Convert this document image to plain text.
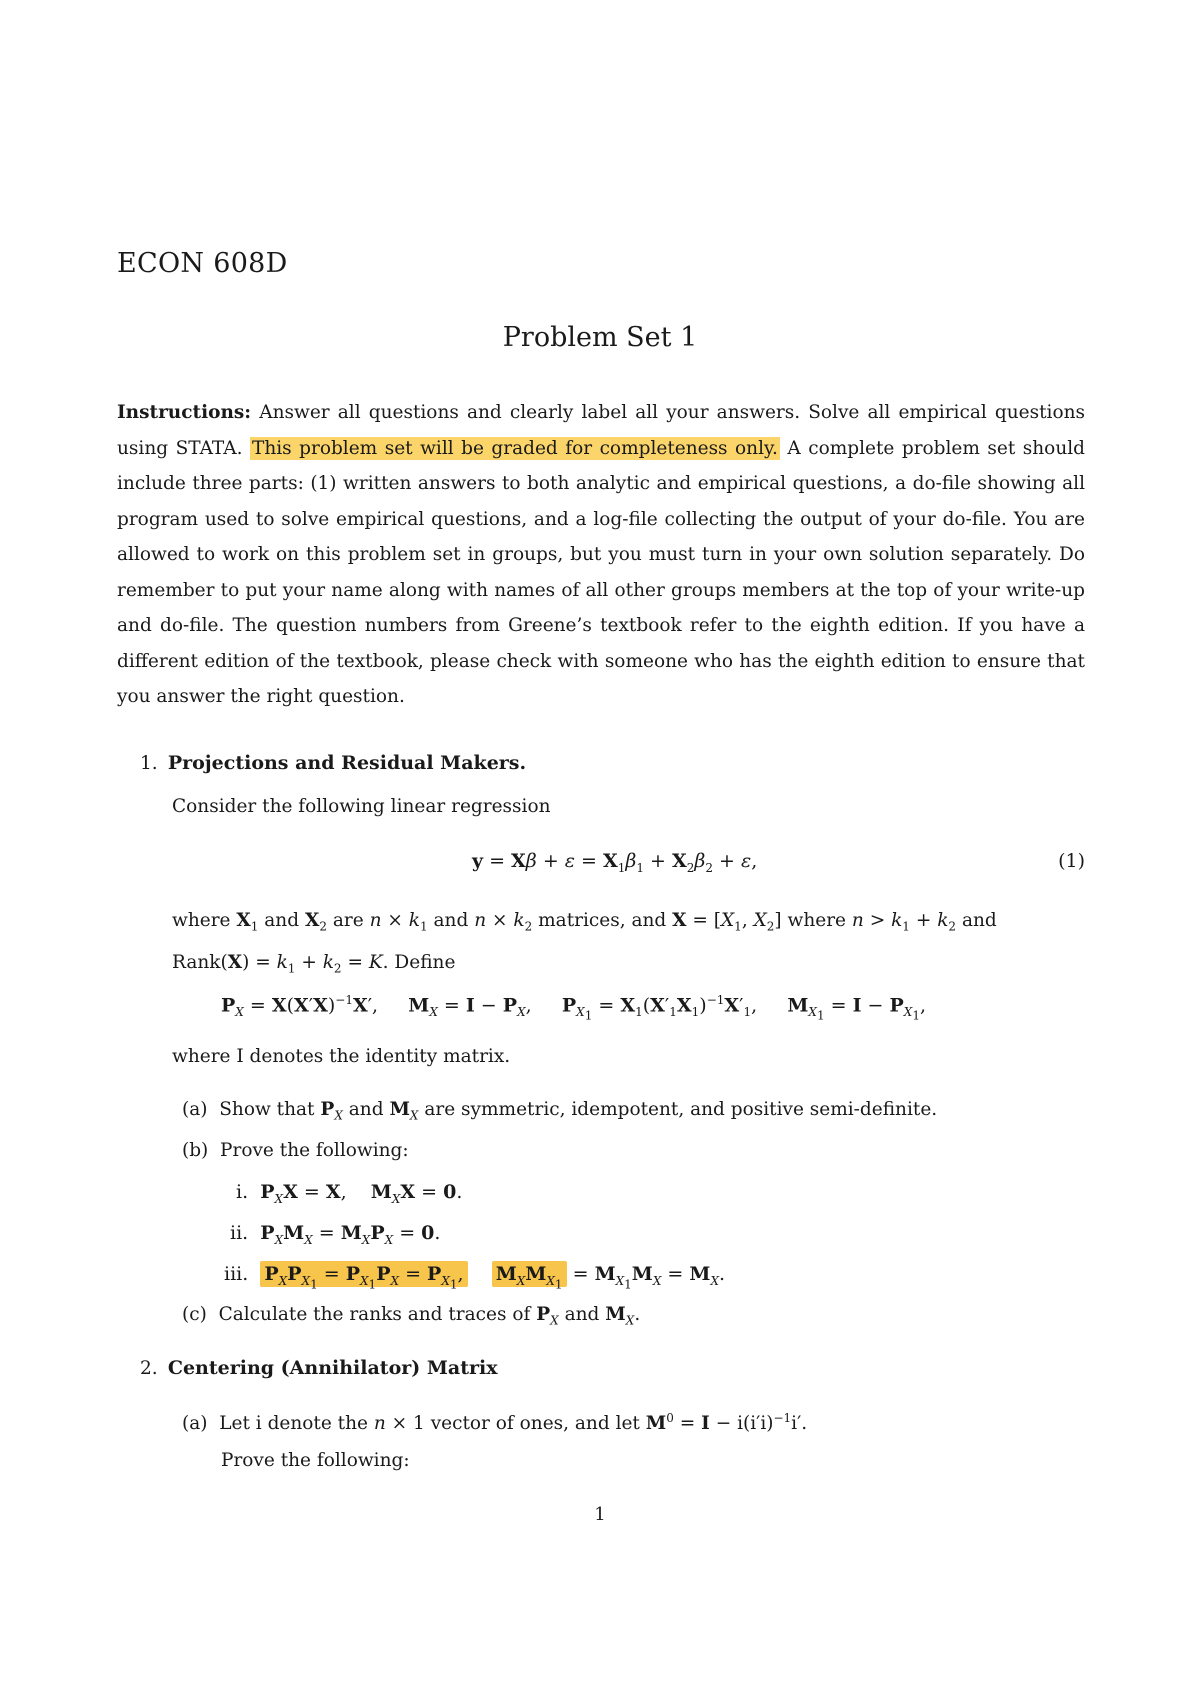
ECON 608D
Problem Set 1
Instructions: Answer all questions and clearly label all your answers. Solve all empirical questions using STATA. This problem set will be graded for completeness only. A complete problem set should include three parts: (1) written answers to both analytic and empirical questions, a do-file showing all program used to solve empirical questions, and a log-file collecting the output of your do-file. You are allowed to work on this problem set in groups, but you must turn in your own solution separately. Do remember to put your name along with names of all other groups members at the top of your write-up and do-file. The question numbers from Greene’s textbook refer to the eighth edition. If you have a different edition of the textbook, please check with someone who has the eighth edition to ensure that you answer the right question.
1. Projections and Residual Makers.
Consider the following linear regression
$y = X\beta + \varepsilon = X_1\beta_1 + X_2\beta_2 + \varepsilon$,	(1)
where $X_1$ and $X_2$ are $n \times k_1$ and $n \times k_2$ matrices, and $X = [X_1$, $X_2$] where $n > k_1 + k_2$ and
Rank(X) = $k_1 + k_2 = K$. Define
$P_X = X(X'X)^{-1}X'$,     $M_X = I - P_X$,     $P_{X_1} = X_1(X'_1X_1)^{-1}X'_1$,     $M_{X_1} = I - P_{X_1}$,
where I denotes the identity matrix.
(a) Show that $P_X$ and $M_X$ are symmetric, idempotent, and positive semi-definite.
(b) Prove the following:
i. $P_XX = X$,    $M_XX = 0$.
ii. $P_XM_X = M_XP_X = 0$.
iii. $P_XP_{X_1} = P_{X_1}P_X = P_{X_1}$, $M_XM_{X_1} = M_{X_1}M_X = M_X$.
(c) Calculate the ranks and traces of $P_X$ and $M_X$.
2. Centering (Annihilator) Matrix
(a) Let i denote the n × 1 vector of ones, and let $M^0 = I - i(i'i)^{-1}i'$.
Prove the following:
1
